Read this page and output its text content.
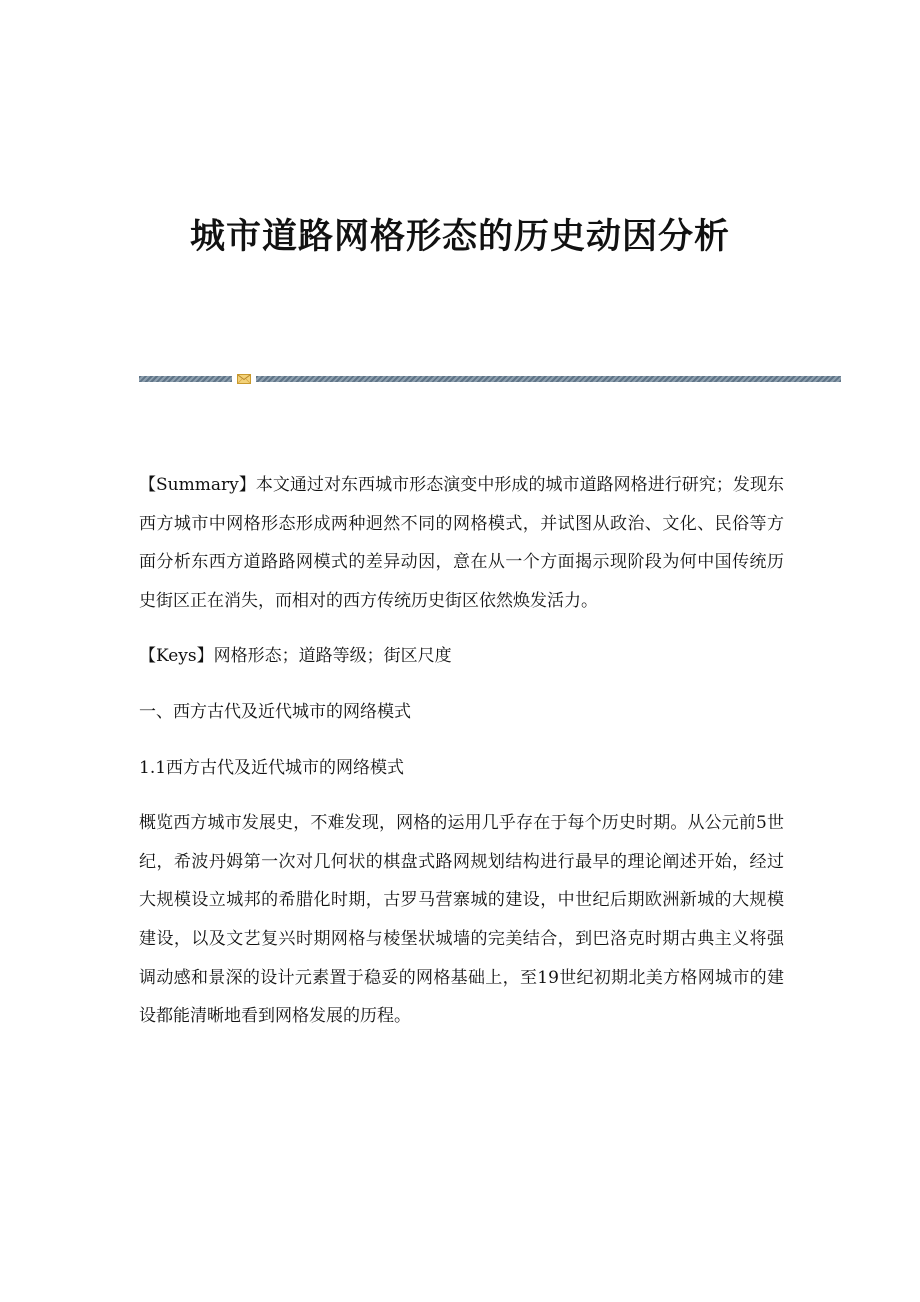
城市道路网格形态的历史动因分析

【Summary】本文通过对东西城市形态演变中形成的城市道路网格进行研究；发现东西方城市中网格形态形成两种迥然不同的网格模式，并试图从政治、文化、民俗等方面分析东西方道路路网模式的差异动因，意在从一个方面揭示现阶段为何中国传统历史街区正在消失，而相对的西方传统历史街区依然焕发活力。

【Keys】网格形态；道路等级；街区尺度

一、西方古代及近代城市的网络模式

1.1西方古代及近代城市的网络模式

概览西方城市发展史，不难发现，网格的运用几乎存在于每个历史时期。从公元前5世纪，希波丹姆第一次对几何状的棋盘式路网规划结构进行最早的理论阐述开始，经过大规模设立城邦的希腊化时期，古罗马营寨城的建设，中世纪后期欧洲新城的大规模建设，以及文艺复兴时期网格与棱堡状城墙的完美结合，到巴洛克时期古典主义将强调动感和景深的设计元素置于稳妥的网格基础上，至19世纪初期北美方格网城市的建设都能清晰地看到网格发展的历程。
